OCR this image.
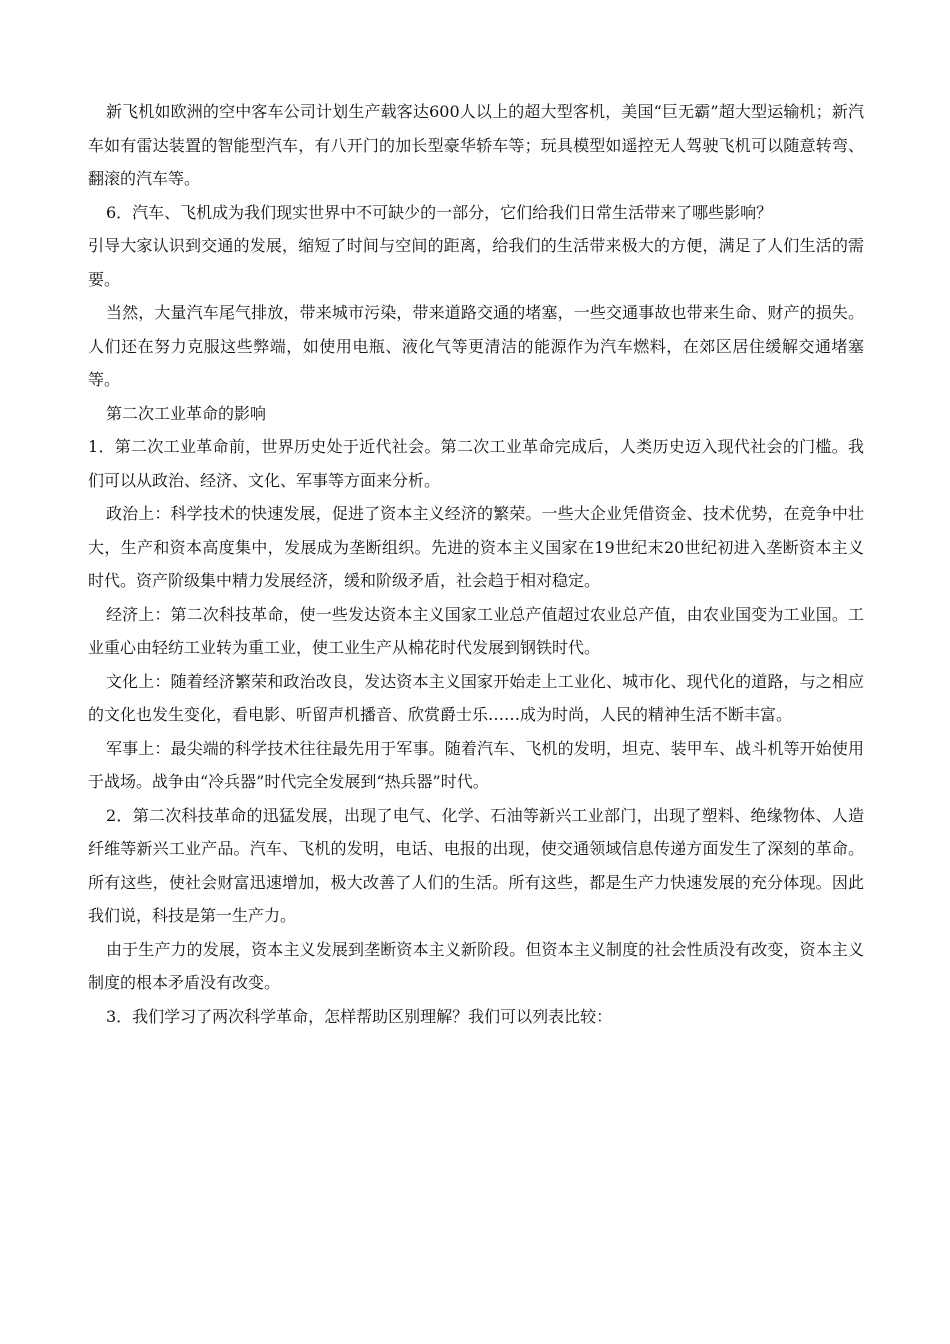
新飞机如欧洲的空中客车公司计划生产载客达600人以上的超大型客机，美国“巨无霸”超大型运输机；新汽车如有雷达装置的智能型汽车，有八开门的加长型豪华轿车等；玩具模型如遥控无人驾驶飞机可以随意转弯、翻滚的汽车等。

6．汽车、飞机成为我们现实世界中不可缺少的一部分，它们给我们日常生活带来了哪些影响？

引导大家认识到交通的发展，缩短了时间与空间的距离，给我们的生活带来极大的方便，满足了人们生活的需要。

当然，大量汽车尾气排放，带来城市污染，带来道路交通的堵塞，一些交通事故也带来生命、财产的损失。人们还在努力克服这些弊端，如使用电瓶、液化气等更清洁的能源作为汽车燃料，在郊区居住缓解交通堵塞等。

第二次工业革命的影响

1．第二次工业革命前，世界历史处于近代社会。第二次工业革命完成后，人类历史迈入现代社会的门槛。我们可以从政治、经济、文化、军事等方面来分析。

政治上：科学技术的快速发展，促进了资本主义经济的繁荣。一些大企业凭借资金、技术优势，在竞争中壮大，生产和资本高度集中，发展成为垄断组织。先进的资本主义国家在19世纪末20世纪初进入垄断资本主义时代。资产阶级集中精力发展经济，缓和阶级矛盾，社会趋于相对稳定。

经济上：第二次科技革命，使一些发达资本主义国家工业总产值超过农业总产值，由农业国变为工业国。工业重心由轻纺工业转为重工业，使工业生产从棉花时代发展到钢铁时代。

文化上：随着经济繁荣和政治改良，发达资本主义国家开始走上工业化、城市化、现代化的道路，与之相应的文化也发生变化，看电影、听留声机播音、欣赏爵士乐……成为时尚，人民的精神生活不断丰富。

军事上：最尖端的科学技术往往最先用于军事。随着汽车、飞机的发明，坦克、装甲车、战斗机等开始使用于战场。战争由“冷兵器”时代完全发展到“热兵器”时代。

2．第二次科技革命的迅猛发展，出现了电气、化学、石油等新兴工业部门，出现了塑料、绝缘物体、人造纤维等新兴工业产品。汽车、飞机的发明，电话、电报的出现，使交通领域信息传递方面发生了深刻的革命。所有这些，使社会财富迅速增加，极大改善了人们的生活。所有这些，都是生产力快速发展的充分体现。因此我们说，科技是第一生产力。

由于生产力的发展，资本主义发展到垄断资本主义新阶段。但资本主义制度的社会性质没有改变，资本主义制度的根本矛盾没有改变。

3．我们学习了两次科学革命，怎样帮助区别理解？我们可以列表比较：
